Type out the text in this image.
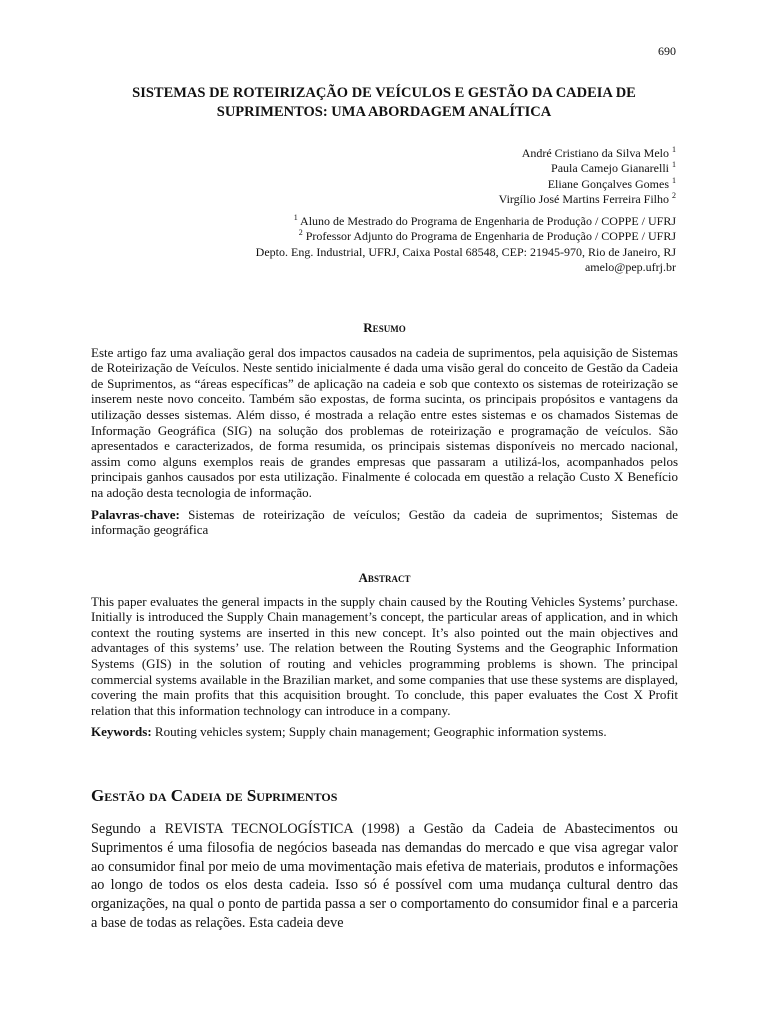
690
SISTEMAS DE ROTEIRIZAÇÃO DE VEÍCULOS E GESTÃO DA CADEIA DE SUPRIMENTOS: UMA ABORDAGEM ANALÍTICA
André Cristiano da Silva Melo $^1$
Paula Camejo Gianarelli $^1$
Eliane Gonçalves Gomes $^1$
Virgílio José Martins Ferreira Filho $^2$
$^1$ Aluno de Mestrado do Programa de Engenharia de Produção / COPPE / UFRJ
$^2$ Professor Adjunto do Programa de Engenharia de Produção / COPPE / UFRJ
Depto. Eng. Industrial, UFRJ, Caixa Postal 68548, CEP: 21945-970, Rio de Janeiro, RJ
amelo@pep.ufrj.br
Resumo

Este artigo faz uma avaliação geral dos impactos causados na cadeia de suprimentos, pela aquisição de Sistemas de Roteirização de Veículos. Neste sentido inicialmente é dada uma visão geral do conceito de Gestão da Cadeia de Suprimentos, as “áreas específicas” de aplicação na cadeia e sob que contexto os sistemas de roteirização se inserem neste novo conceito. Também são expostas, de forma sucinta, os principais propósitos e vantagens da utilização desses sistemas. Além disso, é mostrada a relação entre estes sistemas e os chamados Sistemas de Informação Geográfica (SIG) na solução dos problemas de roteirização e programação de veículos. São apresentados e caracterizados, de forma resumida, os principais sistemas disponíveis no mercado nacional, assim como alguns exemplos reais de grandes empresas que passaram a utilizá-los, acompanhados pelos principais ganhos causados por esta utilização. Finalmente é colocada em questão a relação Custo X Benefício na adoção desta tecnologia de informação.

Palavras-chave: Sistemas de roteirização de veículos; Gestão da cadeia de suprimentos; Sistemas de informação geográfica

Abstract

This paper evaluates the general impacts in the supply chain caused by the Routing Vehicles Systems’ purchase. Initially is introduced the Supply Chain management’s concept, the particular areas of application, and in which context the routing systems are inserted in this new concept. It’s also pointed out the main objectives and advantages of this systems’ use. The relation between the Routing Systems and the Geographic Information Systems (GIS) in the solution of routing and vehicles programming problems is shown. The principal commercial systems available in the Brazilian market, and some companies that use these systems are displayed, covering the main profits that this acquisition brought. To conclude, this paper evaluates the Cost X Profit relation that this information technology can introduce in a company.

Keywords: Routing vehicles system; Supply chain management; Geographic information systems.

Gestão da Cadeia de Suprimentos

Segundo a REVISTA TECNOLOGÍSTICA (1998) a Gestão da Cadeia de Abastecimentos ou Suprimentos é uma filosofia de negócios baseada nas demandas do mercado e que visa agregar valor ao consumidor final por meio de uma movimentação mais efetiva de materiais, produtos e informações ao longo de todos os elos desta cadeia. Isso só é possível com uma mudança cultural dentro das organizações, na qual o ponto de partida passa a ser o comportamento do consumidor final e a parceria a base de todas as relações. Esta cadeia deve
